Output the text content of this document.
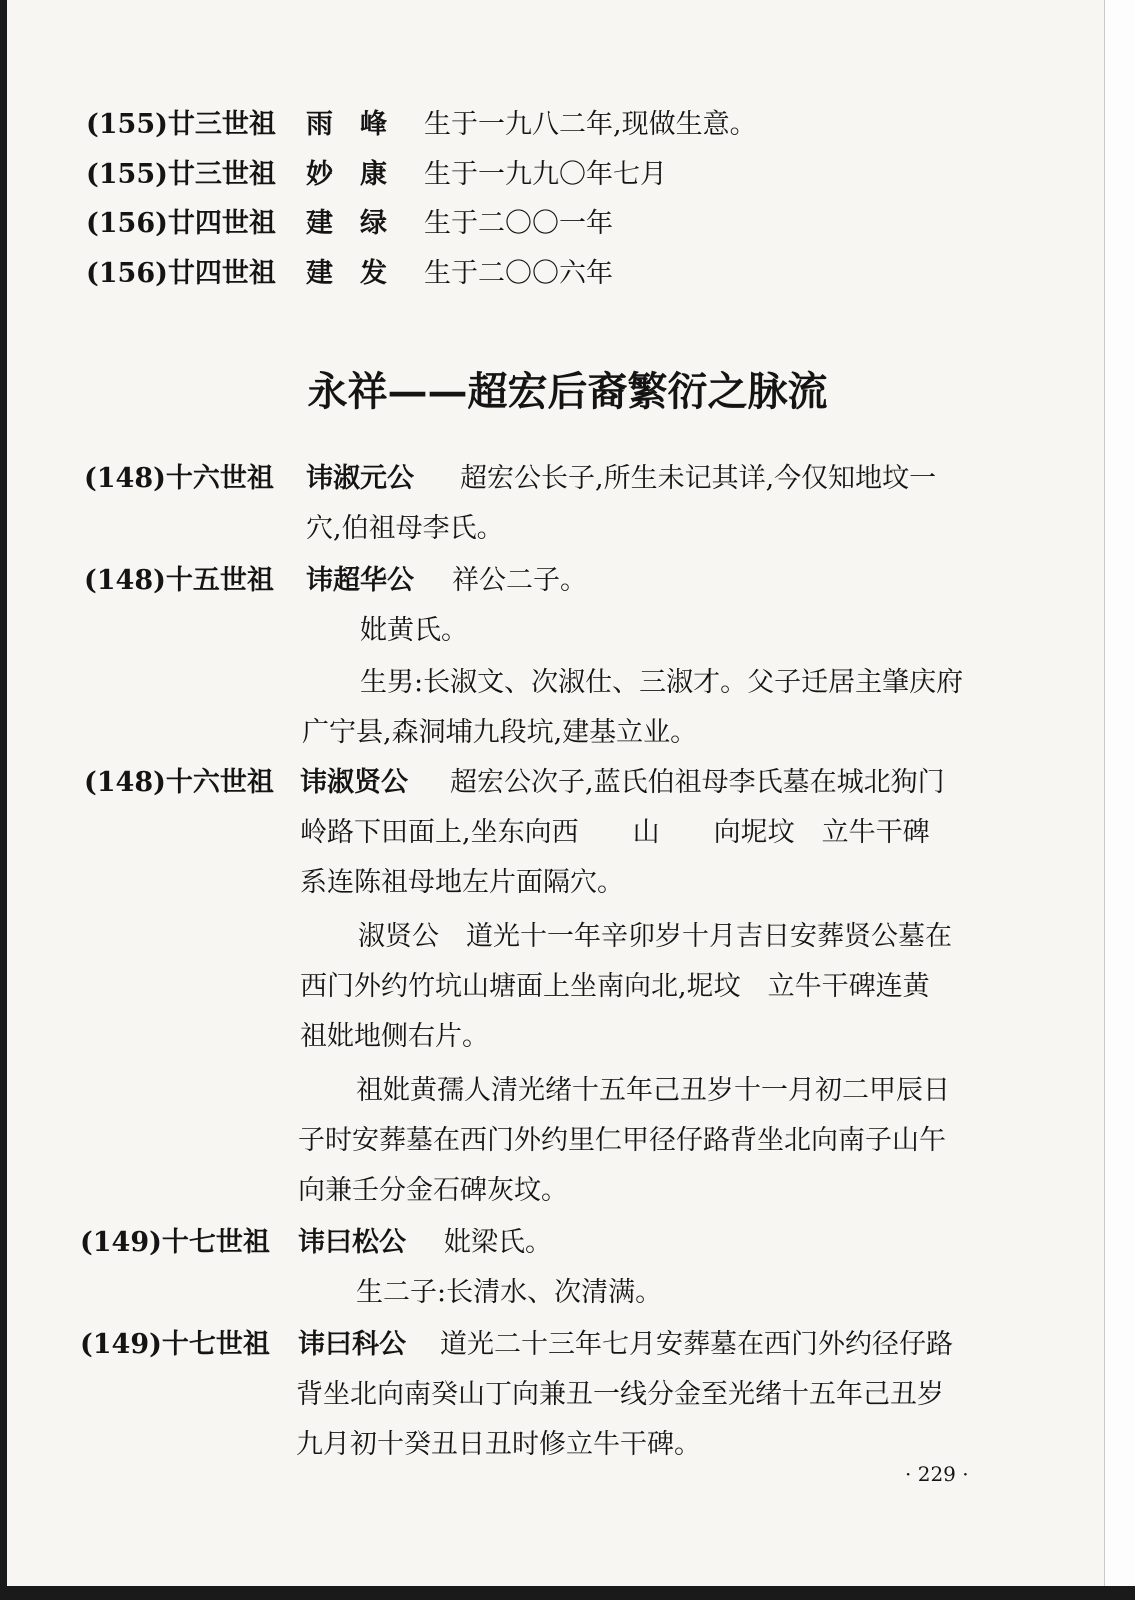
(155)廿三世祖 雨　峰 生于一九八二年,现做生意。
(155)廿三世祖 妙　康 生于一九九〇年七月
(156)廿四世祖 建　绿 生于二〇〇一年
(156)廿四世祖 建　发 生于二〇〇六年
永祥——超宏后裔繁衍之脉流
(148)十六世祖 讳淑元公 超宏公长子,所生未记其详,今仅知地坟一
穴,伯祖母李氏。
(148)十五世祖 讳超华公 祥公二子。
妣黄氏。
生男:长淑文、次淑仕、三淑才。父子迁居主肇庆府
广宁县,森洞埔九段坑,建基立业。
(148)十六世祖 讳淑贤公 超宏公次子,蓝氏伯祖母李氏墓在城北狗门
岭路下田面上,坐东向西　　山　　向坭坟　立牛干碑
系连陈祖母地左片面隔穴。
淑贤公　道光十一年辛卯岁十月吉日安葬贤公墓在
西门外约竹坑山塘面上坐南向北,坭坟　立牛干碑连黄
祖妣地侧右片。
祖妣黄孺人清光绪十五年己丑岁十一月初二甲辰日
子时安葬墓在西门外约里仁甲径仔路背坐北向南子山午
向兼壬分金石碑灰坟。
(149)十七世祖 讳曰松公 妣梁氏。
生二子:长清水、次清满。
(149)十七世祖 讳曰科公 道光二十三年七月安葬墓在西门外约径仔路
背坐北向南癸山丁向兼丑一线分金至光绪十五年己丑岁
九月初十癸丑日丑时修立牛干碑。
· 229 ·
